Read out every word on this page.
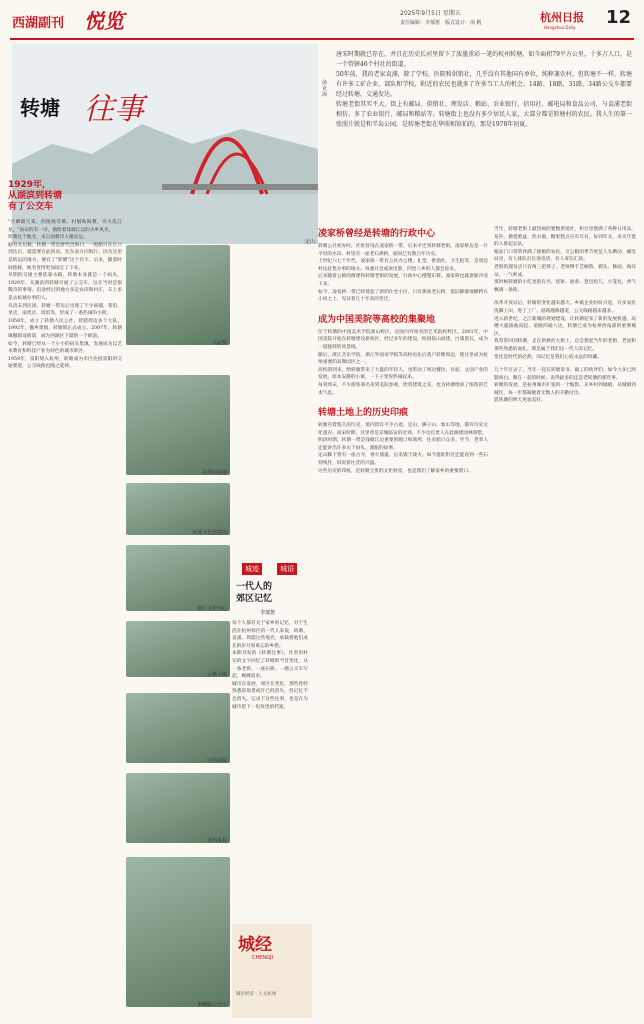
西湖副刊 悦览	2025年9月5日 星期五
责任编辑：李郁葱　版式设计：俞 帆	杭州日报
Hangzhou Daily 12
转塘 往事
定山
俞克海
唐宋时期就已存在，并且在历史长河里留下了浓墨重彩一笔的杭州转塘，如今面积79平方公里，十多万人口，是一个管辖46个村社的街道。
50年前，我的老家袁浦，除了学校、医院和供销社，几乎没有其他国有单位，纯粹兼农村。但转塘不一样，转塘有许多工矿企业、部队和学校，附近的农民也就多了许多当工人的机会。14路、18路、31路、34路公交车都要经过转塘，交通发达。
转塘老街其实不大，街上有邮局、供销社、理发店、粮站、农业银行、信用社、邮电局和食品公司，与袁浦老街相仿，多了农业银行、邮局和粮站等。转塘街上也没有多少居民人家，大部分都是转塘村的农民。我人生的第一张照片就是和半岛公园，是转塘老街在华照相馆拍的，那是1978年初夏。
1929年，
从湖滨到转塘
有了公交车
"月晒朝天莱，西陵渡雪佛。村烟和海雾，舟火乱江星。"南宋的有一诗，描绘着钱塘江边的水乡风光。
转塘这个地名，来自南朝诗人谢灵运。
据有关记载，转塘一带是唐代出海口，一般船只在江口到达后，就需要在此转向，往东南方向航行。因为这里是转运的地方，便有了"转塘"这个名字。后来，随着时间推移，地名变得更加固定了下来。
早期的交通主要依靠水路，转塘本身就是一个码头。1929年，从湖滨到转塘开通了公交车，这在当时是很稀奇的事情。沿途经过的地方多是农田和村庄，车上多是去杭城办事的人。
从清末到民国，转塘一带先后出现了不少商铺，茶馆、米店、南货店、饭馆等，形成了一条热闹的小街。
1958年，成立了转塘人民公社，管辖周边多个大队。1992年，撤乡建镇，转塘镇正式成立。2007年，转塘镇撤镇设街道，成为西湖区下辖的一个街道。
如今，转塘已经从一个小小的码头集镇，发展成为以艺术教育和科技产业为特色的城市新区。
1959年，富阳划入杭州，转塘成为市区连接富阳的交通要道，公交线路也随之延伸。
大运桥
胡秀园基地
凤凰文化创意园
浙江文化中心
云栖小镇
中国美院
龙坞茶村
308路公交车
城迹	城语
一代人的
郊区记忆
李郁葱
每个人都有关于家乡的记忆，对于生活在杭州郊区的一代人来说，转塘、袁浦、周浦这些地名，承载着他们成长的岁月和难忘的乡愁。
本期刊发的《转塘往事》，作者用朴实的文字回忆了转塘的今昔变化，从一条老街、一座石桥、一趟公交车写起，娓娓道来。
城市在发展，郊区在变化，那些曾经熟悉的场景或许已经消失，但记忆不会消失。记录下这些往事，也是在为城市留下一份珍贵的档案。
城经
CHENGJI
城市经济 · 人文杭州
凌家桥曾经是转塘的行政中心
转塘公社初办时，社址曾设在凌家桥一带，后来才迁到转塘老街。凌家桥边是一片平坦的水田，村里有一座老石拱桥，据说已有数百年历史。
上世纪六七十年代，凌家桥一带有公社办公楼、礼堂、供销社、卫生院等，是周边村民赶集办事的地方。每逢开会或放电影，四里八乡的人都会赶来。
后来随着公路的修建和转塘老街的发展，行政中心慢慢东移，凌家桥也就逐渐冷清下来。
如今，凌家桥一带已经建起了新的住宅小区，只有那座老石桥，依旧静静地横跨在小河之上，见证着几十年来的变迁。
成为中国美院等高校的集聚地
位于转塘的中国美术学院象山校区，是国内外知名的艺术院校校区。2001年，中国美院开始在转塘建设新校区，经过多年的建设，校园依山而建，白墙黑瓦，成为一道独特的风景线。
随后，浙江音乐学院、浙江外国语学院等高校也先后落户转塘周边，使这里成为杭州重要的高教园区之一。
高校的到来，给转塘带来了大量的年轻人，也带动了周边餐饮、住宿、文创产业的发展。原本安静的小镇，一下子变得热闹起来。
每到周末，不少游客慕名来到美院参观，欣赏建筑之美，也为转塘增添了浓浓的艺术气息。
转塘土地上的历史印痕
转塘有着悠久的历史，境内留有不少古迹。定山、狮子山、象山等地，都有历史文化遗存。南宋时期，这里曾是京城临安的近郊，不少达官贵人在此修建园林别墅。
明清时期，转塘一带是钱塘江边重要的渡口和商埠，往来船只众多。至今，老辈人还能讲出许多关于码头、渡船的故事。
定山脚下曾有一座古寺，香火鼎盛，后来毁于战火。如今遗址附近还能看到一些石刻残件，诉说着往昔的兴盛。
这些历史的印痕，是转塘宝贵的文化财富，也是我们了解家乡的重要窗口。
当年，转塘老街上最热闹的要数供销社，柜台里摆满了各种日用品，布匹、搪瓷脸盆、热水瓶、糖果糕点应有尽有。每到年关，来买年货的人排起长队。
粮站门口常常停满了挑粮的农民，交公粮的季节更是人头攒动。邮电局里，有人排队打长途电话，有人寄信汇款。
老街的理发店只有两三把椅子，老师傅手艺娴熟，剃头、修面、掏耳朵，一气呵成。
那时候转塘的小吃也很有名，烧饼、油条、葱包桧儿、小笼包，香气飘满一条街。
改革开放以后，转塘的变化越来越大。乡镇企业纷纷兴起，许多农民洗脚上田，进了工厂。道路越修越宽，公交线路越来越多。
进入新世纪，之江新城的规划建设，让转塘迎来了新的发展机遇。高楼大厦拔地而起，道路四通八达，转塘已成为杭州西南部的重要城区。
我常常回到转塘，走在新修的大街上，总会想起当年的老街、老屋和那些熟悉的面孔。那是属于我们这一代人的记忆。
变化是时代的必然，而记忆是我们心底永远的珍藏。
几十年过去了，当年一起在转塘读书、做工的伙伴们，如今大多已两鬓斑白。聚在一起的时候，说得最多的还是老转塘的那些事。
转塘的发展，是杭州城市扩张的一个缩影。从乡村到城镇，从城镇到城区，每一步都凝聚着无数人的辛勤付出。
愿转塘的明天更加美好。
